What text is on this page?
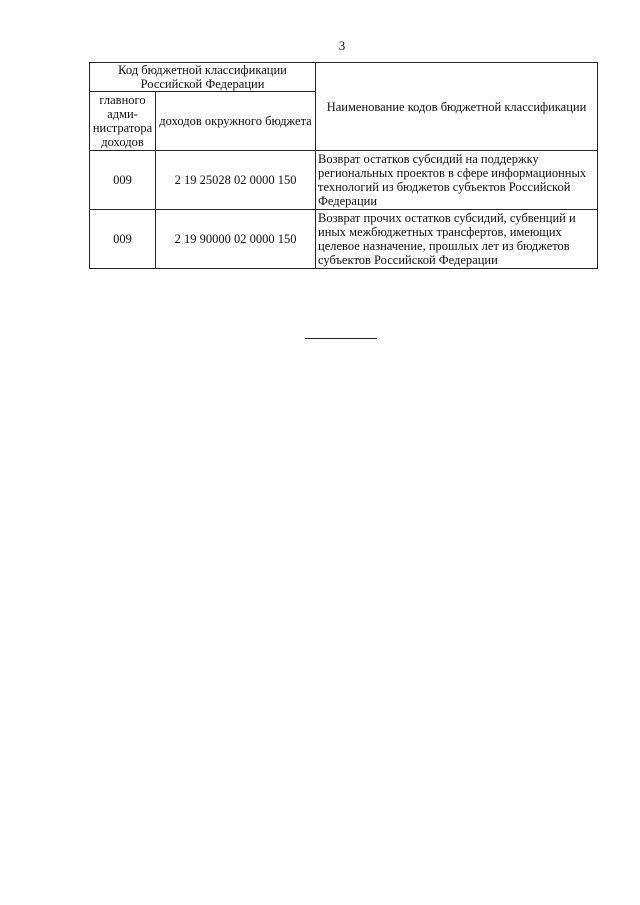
3
Код бюджетной классификации Российской Федерации		Наименование кодов бюджетной классификации
главного адми-нистратора доходов	доходов окружного бюджета	
009	2 19 25028 02 0000 150	Возврат остатков субсидий на поддержку региональных проектов в сфере информационных технологий из бюджетов субъектов Российской Федерации
009	2 19 90000 02 0000 150	Возврат прочих остатков субсидий, субвенций и иных межбюджетных трансфертов, имеющих целевое назначение, прошлых лет из бюджетов субъектов Российской Федерации
